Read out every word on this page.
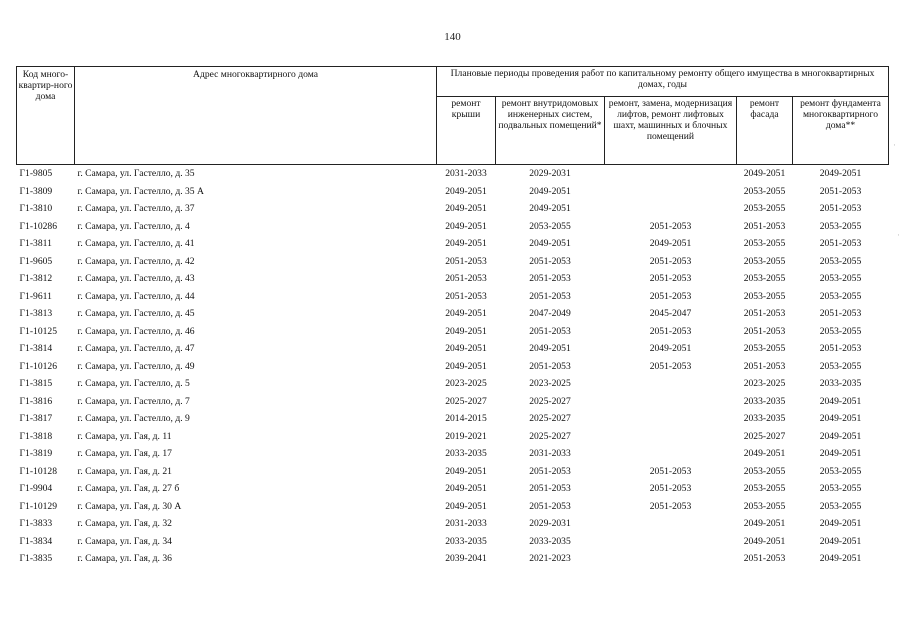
140
Код много-квартир-ного дома	Адрес многоквартирного дома	Плановые периоды проведения работ по капитальному ремонту общего имущества в многоквартирных домах, годы				
		ремонт крыши	ремонт внутридомовых инженерных систем, подвальных помещений*	ремонт, замена, модернизация лифтов, ремонт лифтовых шахт, машинных и блочных помещений	ремонт фасада	ремонт фундамента многоквартирного дома**
Г1-9805	г. Самара, ул. Гастелло, д. 35	2031-2033	2029-2031		2049-2051	2049-2051
Г1-3809	г. Самара, ул. Гастелло, д. 35 А	2049-2051	2049-2051		2053-2055	2051-2053
Г1-3810	г. Самара, ул. Гастелло, д. 37	2049-2051	2049-2051		2053-2055	2051-2053
Г1-10286	г. Самара, ул. Гастелло, д. 4	2049-2051	2053-2055	2051-2053	2051-2053	2053-2055
Г1-3811	г. Самара, ул. Гастелло, д. 41	2049-2051	2049-2051	2049-2051	2053-2055	2051-2053
Г1-9605	г. Самара, ул. Гастелло, д. 42	2051-2053	2051-2053	2051-2053	2053-2055	2053-2055
Г1-3812	г. Самара, ул. Гастелло, д. 43	2051-2053	2051-2053	2051-2053	2053-2055	2053-2055
Г1-9611	г. Самара, ул. Гастелло, д. 44	2051-2053	2051-2053	2051-2053	2053-2055	2053-2055
Г1-3813	г. Самара, ул. Гастелло, д. 45	2049-2051	2047-2049	2045-2047	2051-2053	2051-2053
Г1-10125	г. Самара, ул. Гастелло, д. 46	2049-2051	2051-2053	2051-2053	2051-2053	2053-2055
Г1-3814	г. Самара, ул. Гастелло, д. 47	2049-2051	2049-2051	2049-2051	2053-2055	2051-2053
Г1-10126	г. Самара, ул. Гастелло, д. 49	2049-2051	2051-2053	2051-2053	2051-2053	2053-2055
Г1-3815	г. Самара, ул. Гастелло, д. 5	2023-2025	2023-2025		2023-2025	2033-2035
Г1-3816	г. Самара, ул. Гастелло, д. 7	2025-2027	2025-2027		2033-2035	2049-2051
Г1-3817	г. Самара, ул. Гастелло, д. 9	2014-2015	2025-2027		2033-2035	2049-2051
Г1-3818	г. Самара, ул. Гая, д. 11	2019-2021	2025-2027		2025-2027	2049-2051
Г1-3819	г. Самара, ул. Гая, д. 17	2033-2035	2031-2033		2049-2051	2049-2051
Г1-10128	г. Самара, ул. Гая, д. 21	2049-2051	2051-2053	2051-2053	2053-2055	2053-2055
Г1-9904	г. Самара, ул. Гая, д. 27 б	2049-2051	2051-2053	2051-2053	2053-2055	2053-2055
Г1-10129	г. Самара, ул. Гая, д. 30 А	2049-2051	2051-2053	2051-2053	2053-2055	2053-2055
Г1-3833	г. Самара, ул. Гая, д. 32	2031-2033	2029-2031		2049-2051	2049-2051
Г1-3834	г. Самара, ул. Гая, д. 34	2033-2035	2033-2035		2049-2051	2049-2051
Г1-3835	г. Самара, ул. Гая, д. 36	2039-2041	2021-2023		2051-2053	2049-2051
·
·
